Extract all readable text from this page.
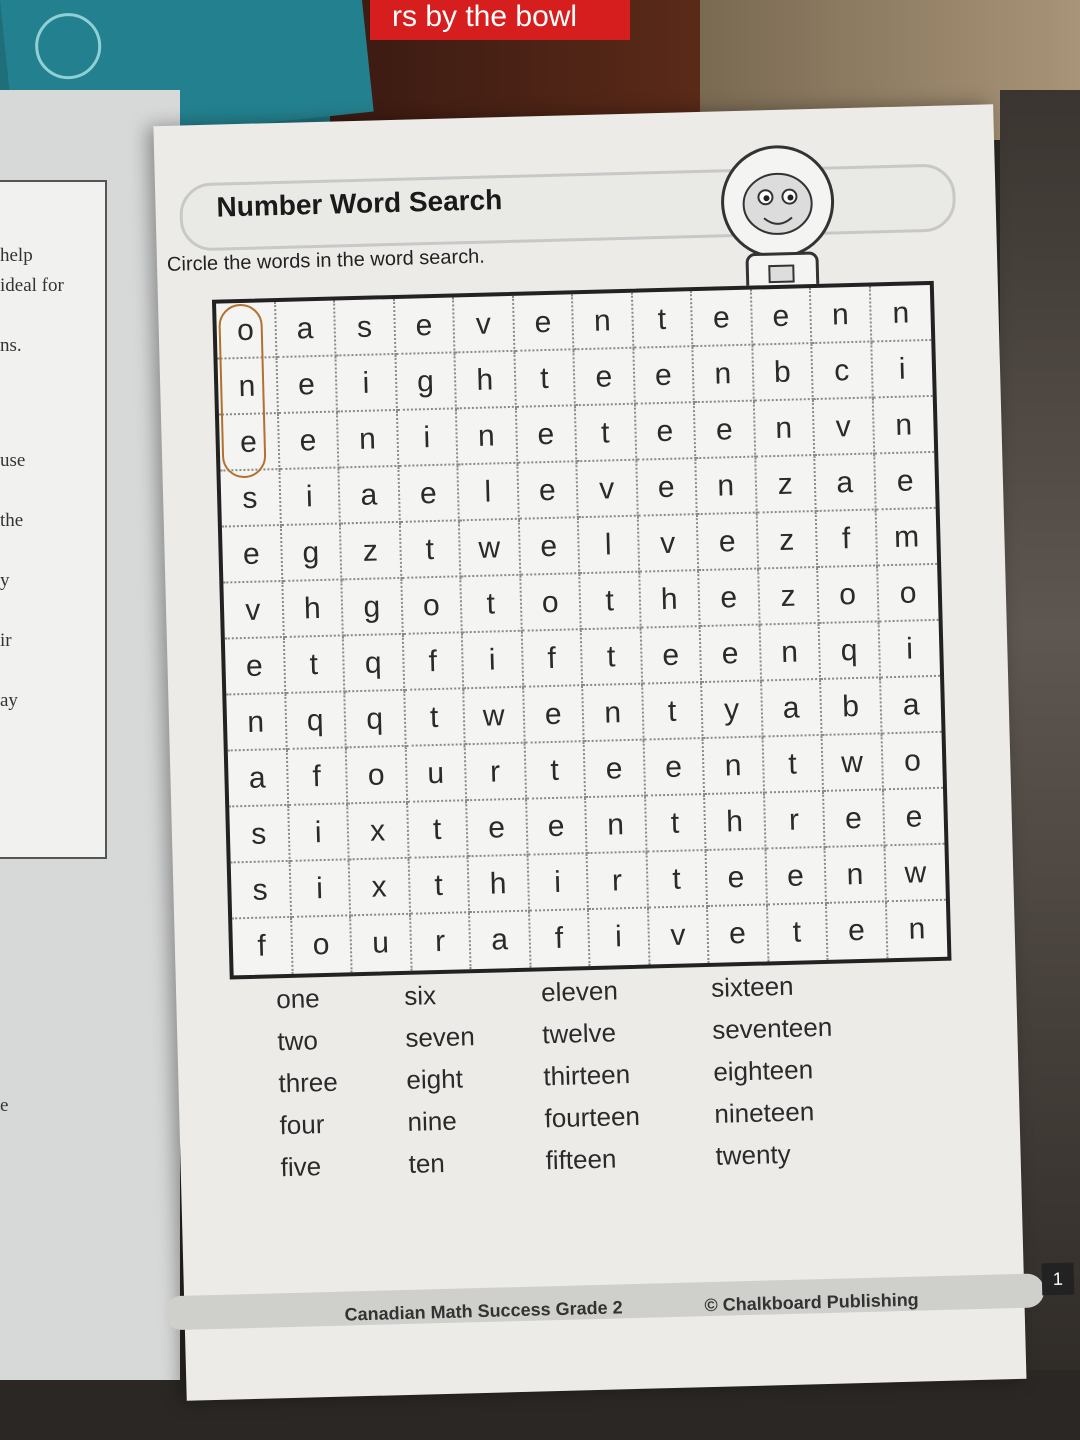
rs by the bowl
help
ideal for
ns.
use
the
y
ir
ay
e
Number Word Search
Circle the words in the word search.
o	a	s	e	v	e	n	t	e	e	n	n
n	e	i	g	h	t	e	e	n	b	c	i
e	e	n	i	n	e	t	e	e	n	v	n
s	i	a	e	l	e	v	e	n	z	a	e
e	g	z	t	w	e	l	v	e	z	f	m
v	h	g	o	t	o	t	h	e	z	o	o
e	t	q	f	i	f	t	e	e	n	q	i
n	q	q	t	w	e	n	t	y	a	b	a
a	f	o	u	r	t	e	e	n	t	w	o
s	i	x	t	e	e	n	t	h	r	e	e
s	i	x	t	h	i	r	t	e	e	n	w
f	o	u	r	a	f	i	v	e	t	e	n
one
two
three
four
five
six
seven
eight
nine
ten
eleven
twelve
thirteen
fourteen
fifteen
sixteen
seventeen
eighteen
nineteen
twenty
Canadian Math Success Grade 2	© Chalkboard Publishing
1
